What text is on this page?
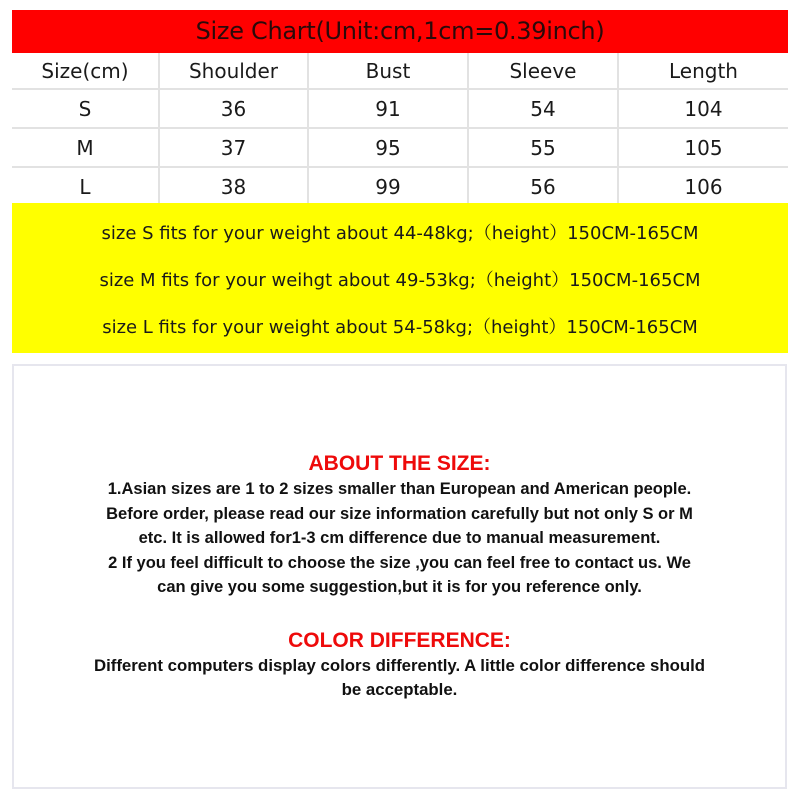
Size Chart(Unit:cm,1cm=0.39inch)
Size(cm)	Shoulder	Bust	Sleeve	Length
S	36	91	54	104
M	37	95	55	105
L	38	99	56	106
size S fits for your weight about 44-48kg;（height）150CM-165CM
size M fits for your weihgt about 49-53kg;（height）150CM-165CM
size L fits for your weight about 54-58kg;（height）150CM-165CM
ABOUT THE SIZE:
1.Asian sizes are 1 to 2 sizes smaller than European and American people.
Before order, please read our size information carefully but not only S or M
etc. It is allowed for1-3 cm difference due to manual measurement.
2 If you feel difficult to choose the size ,you can feel free to contact us. We
can give you some suggestion,but it is for you reference only.
COLOR DIFFERENCE:
Different computers display colors differently. A little color difference should
be acceptable.
